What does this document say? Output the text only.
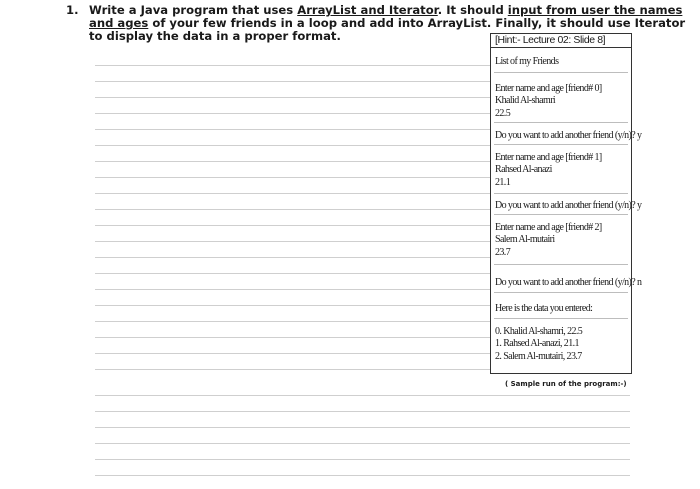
1. Write a Java program that uses ArrayList and Iterator. It should input from user the names
and ages of your few friends in a loop and add into ArrayList. Finally, it should use Iterator
to display the data in a proper format.	[Hint:- Lecture 02: Slide 8]
List of my Friends
Enter name and age [friend# 0]
Khalid Al-shamri
22.5
Do you want to add another friend (y/n)? y
Enter name and age [friend# 1]
Rahsed Al-anazi
21.1
Do you want to add another friend (y/n)? y
Enter name and age [friend# 2]
Salem Al-mutairi
23.7
Do you want to add another friend (y/n)? n
Here is the data you entered:
0. Khalid Al-shamri, 22.5
1. Rahsed Al-anazi, 21.1
2. Salem Al-mutairi, 23.7
( Sample run of the program:-)
